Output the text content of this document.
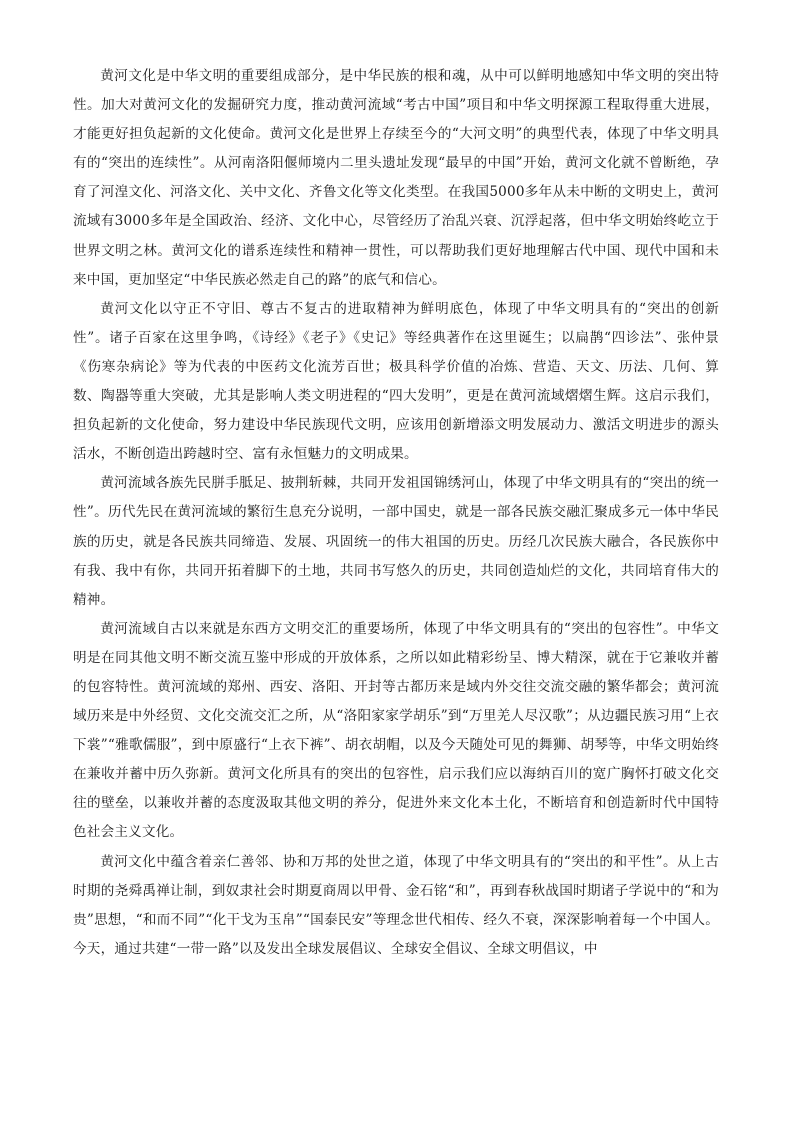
黄河文化是中华文明的重要组成部分，是中华民族的根和魂，从中可以鲜明地感知中华文明的突出特性。加大对黄河文化的发掘研究力度，推动黄河流域“考古中国”项目和中华文明探源工程取得重大进展，才能更好担负起新的文化使命。黄河文化是世界上存续至今的“大河文明”的典型代表，体现了中华文明具有的“突出的连续性”。从河南洛阳偃师境内二里头遗址发现“最早的中国”开始，黄河文化就不曾断绝，孕育了河湟文化、河洛文化、关中文化、齐鲁文化等文化类型。在我国5000多年从未中断的文明史上，黄河流域有3000多年是全国政治、经济、文化中心，尽管经历了治乱兴衰、沉浮起落，但中华文明始终屹立于世界文明之林。黄河文化的谱系连续性和精神一贯性，可以帮助我们更好地理解古代中国、现代中国和未来中国，更加坚定“中华民族必然走自己的路”的底气和信心。

黄河文化以守正不守旧、尊古不复古的进取精神为鲜明底色，体现了中华文明具有的“突出的创新性”。诸子百家在这里争鸣，《诗经》《老子》《史记》等经典著作在这里诞生；以扁鹊“四诊法”、张仲景《伤寒杂病论》等为代表的中医药文化流芳百世；极具科学价值的冶炼、营造、天文、历法、几何、算数、陶器等重大突破，尤其是影响人类文明进程的“四大发明”，更是在黄河流域熠熠生辉。这启示我们，担负起新的文化使命，努力建设中华民族现代文明，应该用创新增添文明发展动力、激活文明进步的源头活水，不断创造出跨越时空、富有永恒魅力的文明成果。

黄河流域各族先民胼手胝足、披荆斩棘，共同开发祖国锦绣河山，体现了中华文明具有的“突出的统一性”。历代先民在黄河流域的繁衍生息充分说明，一部中国史，就是一部各民族交融汇聚成多元一体中华民族的历史，就是各民族共同缔造、发展、巩固统一的伟大祖国的历史。历经几次民族大融合，各民族你中有我、我中有你，共同开拓着脚下的土地，共同书写悠久的历史，共同创造灿烂的文化，共同培育伟大的精神。

黄河流域自古以来就是东西方文明交汇的重要场所，体现了中华文明具有的“突出的包容性”。中华文明是在同其他文明不断交流互鉴中形成的开放体系，之所以如此精彩纷呈、博大精深，就在于它兼收并蓄的包容特性。黄河流域的郑州、西安、洛阳、开封等古都历来是域内外交往交流交融的繁华都会；黄河流域历来是中外经贸、文化交流交汇之所，从“洛阳家家学胡乐”到“万里羌人尽汉歌”；从边疆民族习用“上衣下裳”“雅歌儒服”，到中原盛行“上衣下裤”、胡衣胡帽，以及今天随处可见的舞狮、胡琴等，中华文明始终在兼收并蓄中历久弥新。黄河文化所具有的突出的包容性，启示我们应以海纳百川的宽广胸怀打破文化交往的壁垒，以兼收并蓄的态度汲取其他文明的养分，促进外来文化本土化，不断培育和创造新时代中国特色社会主义文化。

黄河文化中蕴含着亲仁善邻、协和万邦的处世之道，体现了中华文明具有的“突出的和平性”。从上古时期的尧舜禹禅让制，到奴隶社会时期夏商周以甲骨、金石铭“和”，再到春秋战国时期诸子学说中的“和为贵”思想，“和而不同”“化干戈为玉帛”“国泰民安”等理念世代相传、经久不衰，深深影响着每一个中国人。今天，通过共建“一带一路”以及发出全球发展倡议、全球安全倡议、全球文明倡议，中
